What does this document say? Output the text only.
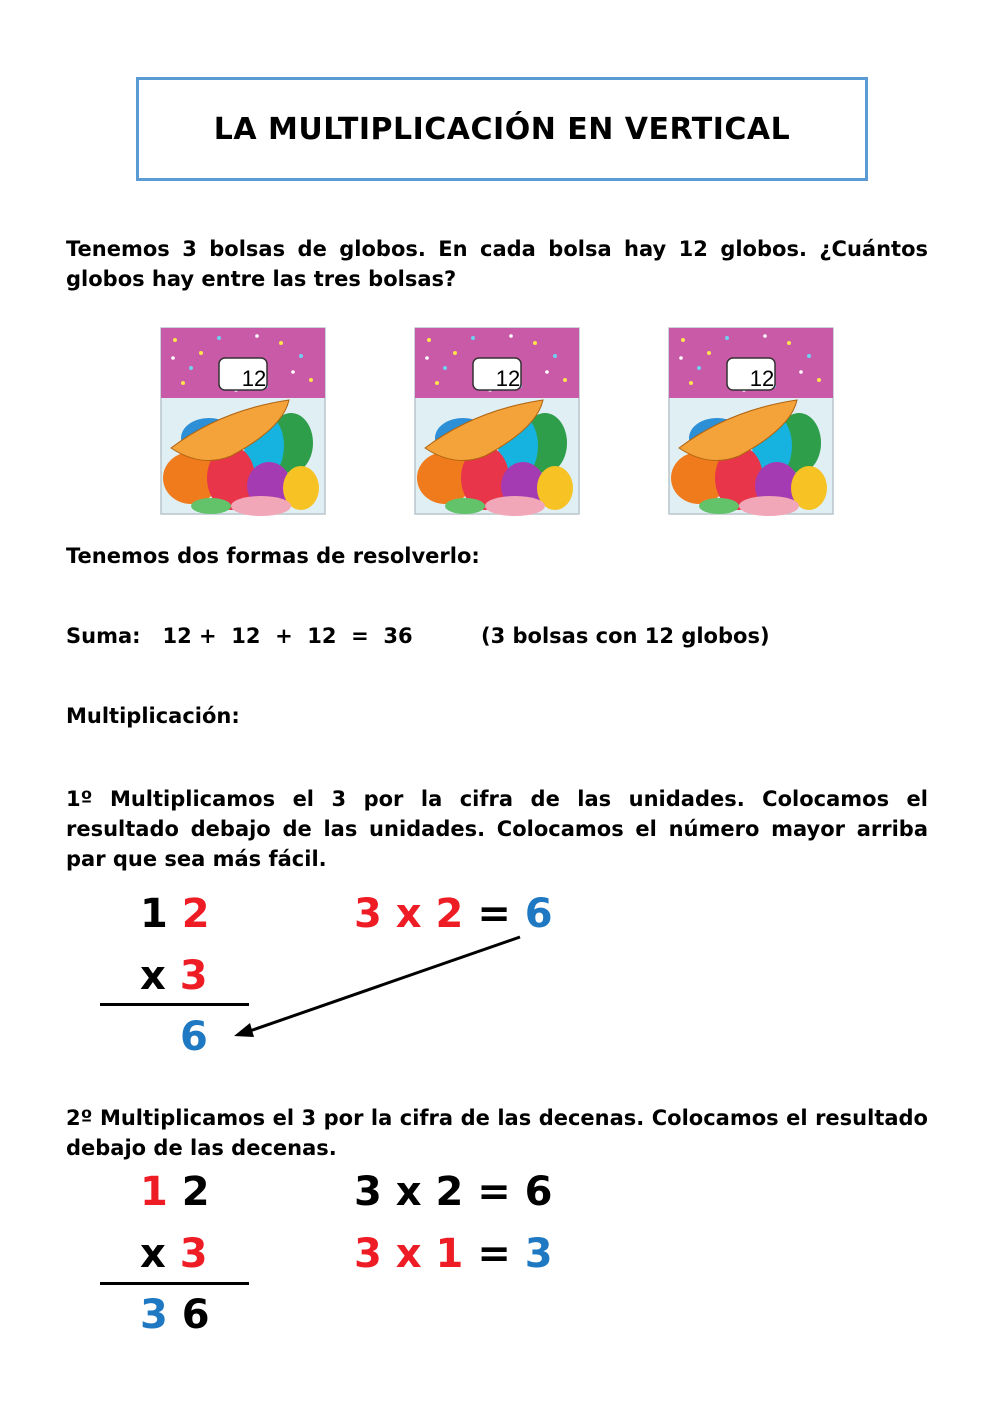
LA MULTIPLICACIÓN EN VERTICAL
Tenemos 3 bolsas de globos. En cada bolsa hay 12 globos. ¿Cuántos globos hay entre las tres bolsas?
12	12	12
Tenemos dos formas de resolverlo:
Suma: 12 +  12  +  12  =  36	(3 bolsas con 12 globos)
Multiplicación:
1º Multiplicamos el 3 por la cifra de las unidades. Colocamos el resultado debajo de las unidades. Colocamos el número mayor arriba par que sea más fácil.
1 2
x 3
6
3 x 2 = 6
2º Multiplicamos el 3 por la cifra de las decenas. Colocamos el resultado debajo de las decenas.
1 2
x 3
3 6
3 x 2 = 6
3 x 1 = 3
